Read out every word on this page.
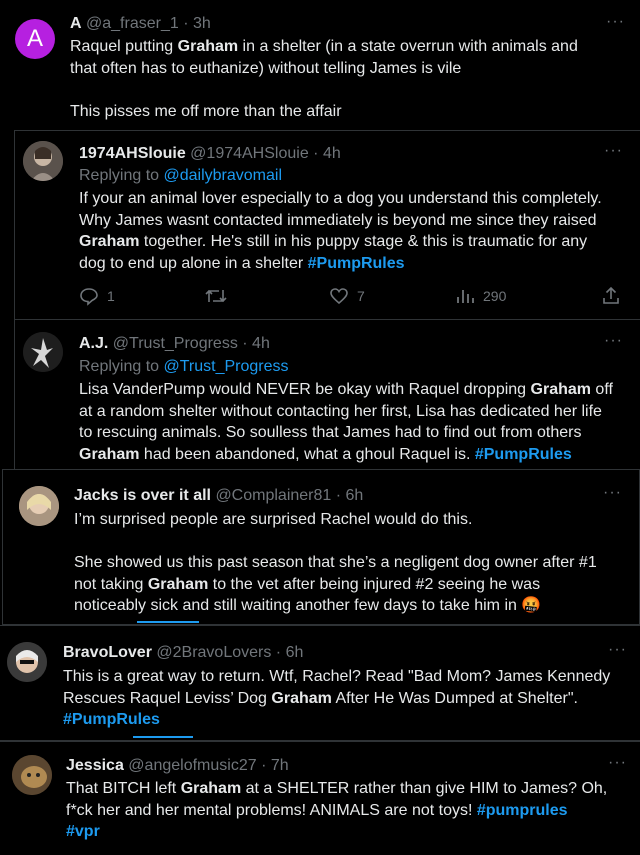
A
A @a_fraser_1 · 3h	···
Raquel putting Graham in a shelter (in a state overrun with animals and
that often has to euthanize) without telling James is vile
This pisses me off more than the affair
1974AHSlouie @1974AHSlouie · 4h	···
Replying to @dailybravomail
If your an animal lover especially to a dog you understand this completely.
Why James wasnt contacted immediately is beyond me since they raised
Graham together. He's still in his puppy stage & this is traumatic for any
dog to end up alone in a shelter #PumpRules
1	7	290
A.J. @Trust_Progress · 4h	···
Replying to @Trust_Progress
Lisa VanderPump would NEVER be okay with Raquel dropping Graham off
at a random shelter without contacting her first, Lisa has dedicated her life
to rescuing animals. So soulless that James had to find out from others
Graham had been abandoned, what a ghoul Raquel is. #PumpRules
Jacks is over it all @Complainer81 · 6h	···
I’m surprised people are surprised Rachel would do this.
She showed us this past season that she’s a negligent dog owner after #1
not taking Graham to the vet after being injured #2 seeing he was
noticeably sick and still waiting another few days to take him in 🤬
BravoLover @2BravoLovers · 6h	···
This is a great way to return. Wtf, Rachel? Read "Bad Mom? James Kennedy
Rescues Raquel Leviss’ Dog Graham After He Was Dumped at Shelter".
#PumpRules
Jessica @angelofmusic27 · 7h	···
That BITCH left Graham at a SHELTER rather than give HIM to James? Oh,
f*ck her and her mental problems! ANIMALS are not toys! #pumprules
#vpr
